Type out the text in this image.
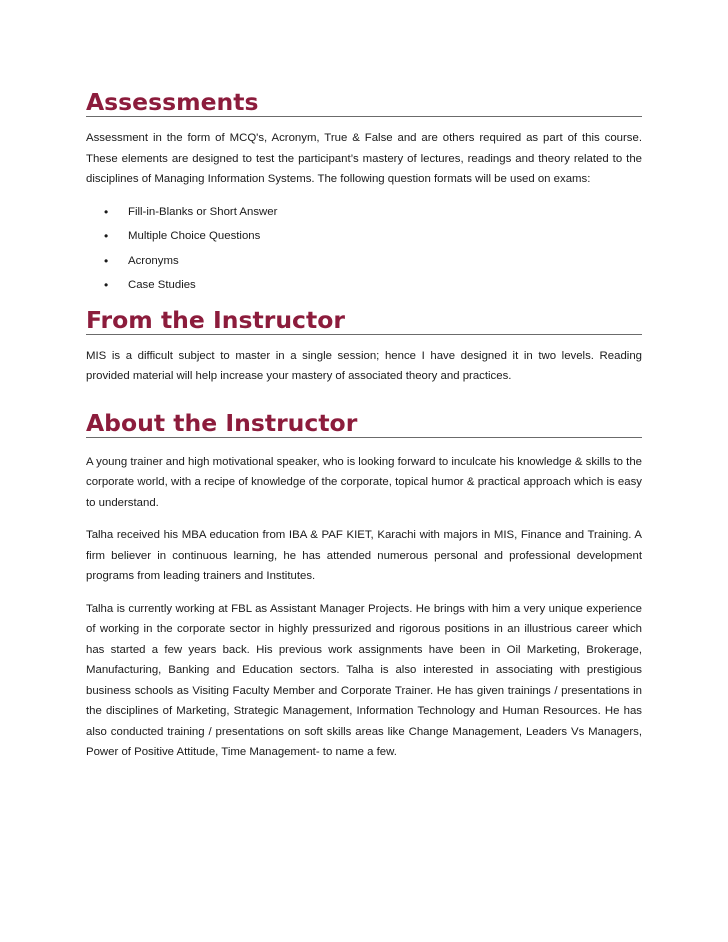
Assessments

Assessment in the form of MCQ's, Acronym, True & False and are others required as part of this course. These elements are designed to test the participant’s mastery of lectures, readings and theory related to the disciplines of Managing Information Systems. The following question formats will be used on exams:

• Fill-in-Blanks or Short Answer
• Multiple Choice Questions
• Acronyms
• Case Studies
From the Instructor

MIS is a difficult subject to master in a single session; hence I have designed it in two levels. Reading provided material will help increase your mastery of associated theory and practices.

About the Instructor

A young trainer and high motivational speaker, who is looking forward to inculcate his knowledge & skills to the corporate world, with a recipe of knowledge of the corporate, topical humor & practical approach which is easy to understand.

Talha received his MBA education from IBA & PAF KIET, Karachi with majors in MIS, Finance and Training. A firm believer in continuous learning, he has attended numerous personal and professional development programs from leading trainers and Institutes.

Talha is currently working at FBL as Assistant Manager Projects. He brings with him a very unique experience of working in the corporate sector in highly pressurized and rigorous positions in an illustrious career which has started a few years back. His previous work assignments have been in Oil Marketing, Brokerage, Manufacturing, Banking and Education sectors. Talha is also interested in associating with prestigious business schools as Visiting Faculty Member and Corporate Trainer. He has given trainings / presentations in the disciplines of Marketing, Strategic Management, Information Technology and Human Resources. He has also conducted training / presentations on soft skills areas like Change Management, Leaders Vs Managers, Power of Positive Attitude, Time Management- to name a few.
